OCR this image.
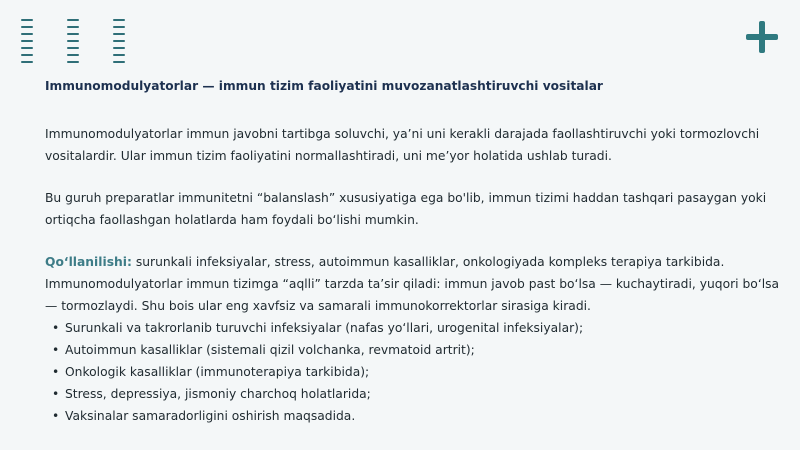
Immunomodulyatorlar — immun tizim faoliyatini muvozanatlashtiruvchi vositalar

Immunomodulyatorlar immun javobni tartibga soluvchi, ya’ni uni kerakli darajada faollashtiruvchi yoki tormozlovchi vositalardir. Ular immun tizim faoliyatini normallashtiradi, uni me’yor holatida ushlab turadi.

Bu guruh preparatlar immunitetni “balanslash” xususiyatiga ega bo'lib, immun tizimi haddan tashqari pasaygan yoki ortiqcha faollashgan holatlarda ham foydali bo‘lishi mumkin.

Qo‘llanilishi: surunkali infeksiyalar, stress, autoimmun kasalliklar, onkologiyada kompleks terapiya tarkibida. Immunomodulyatorlar immun tizimga “aqlli” tarzda ta’sir qiladi: immun javob past bo‘lsa — kuchaytiradi, yuqori bo‘lsa — tormozlaydi. Shu bois ular eng xavfsiz va samarali immunokorrektorlar sirasiga kiradi.

• Surunkali va takrorlanib turuvchi infeksiyalar (nafas yo‘llari, urogenital infeksiyalar);
• Autoimmun kasalliklar (sistemali qizil volchanka, revmatoid artrit);
• Onkologik kasalliklar (immunoterapiya tarkibida);
• Stress, depressiya, jismoniy charchoq holatlarida;
• Vaksinalar samaradorligini oshirish maqsadida.
